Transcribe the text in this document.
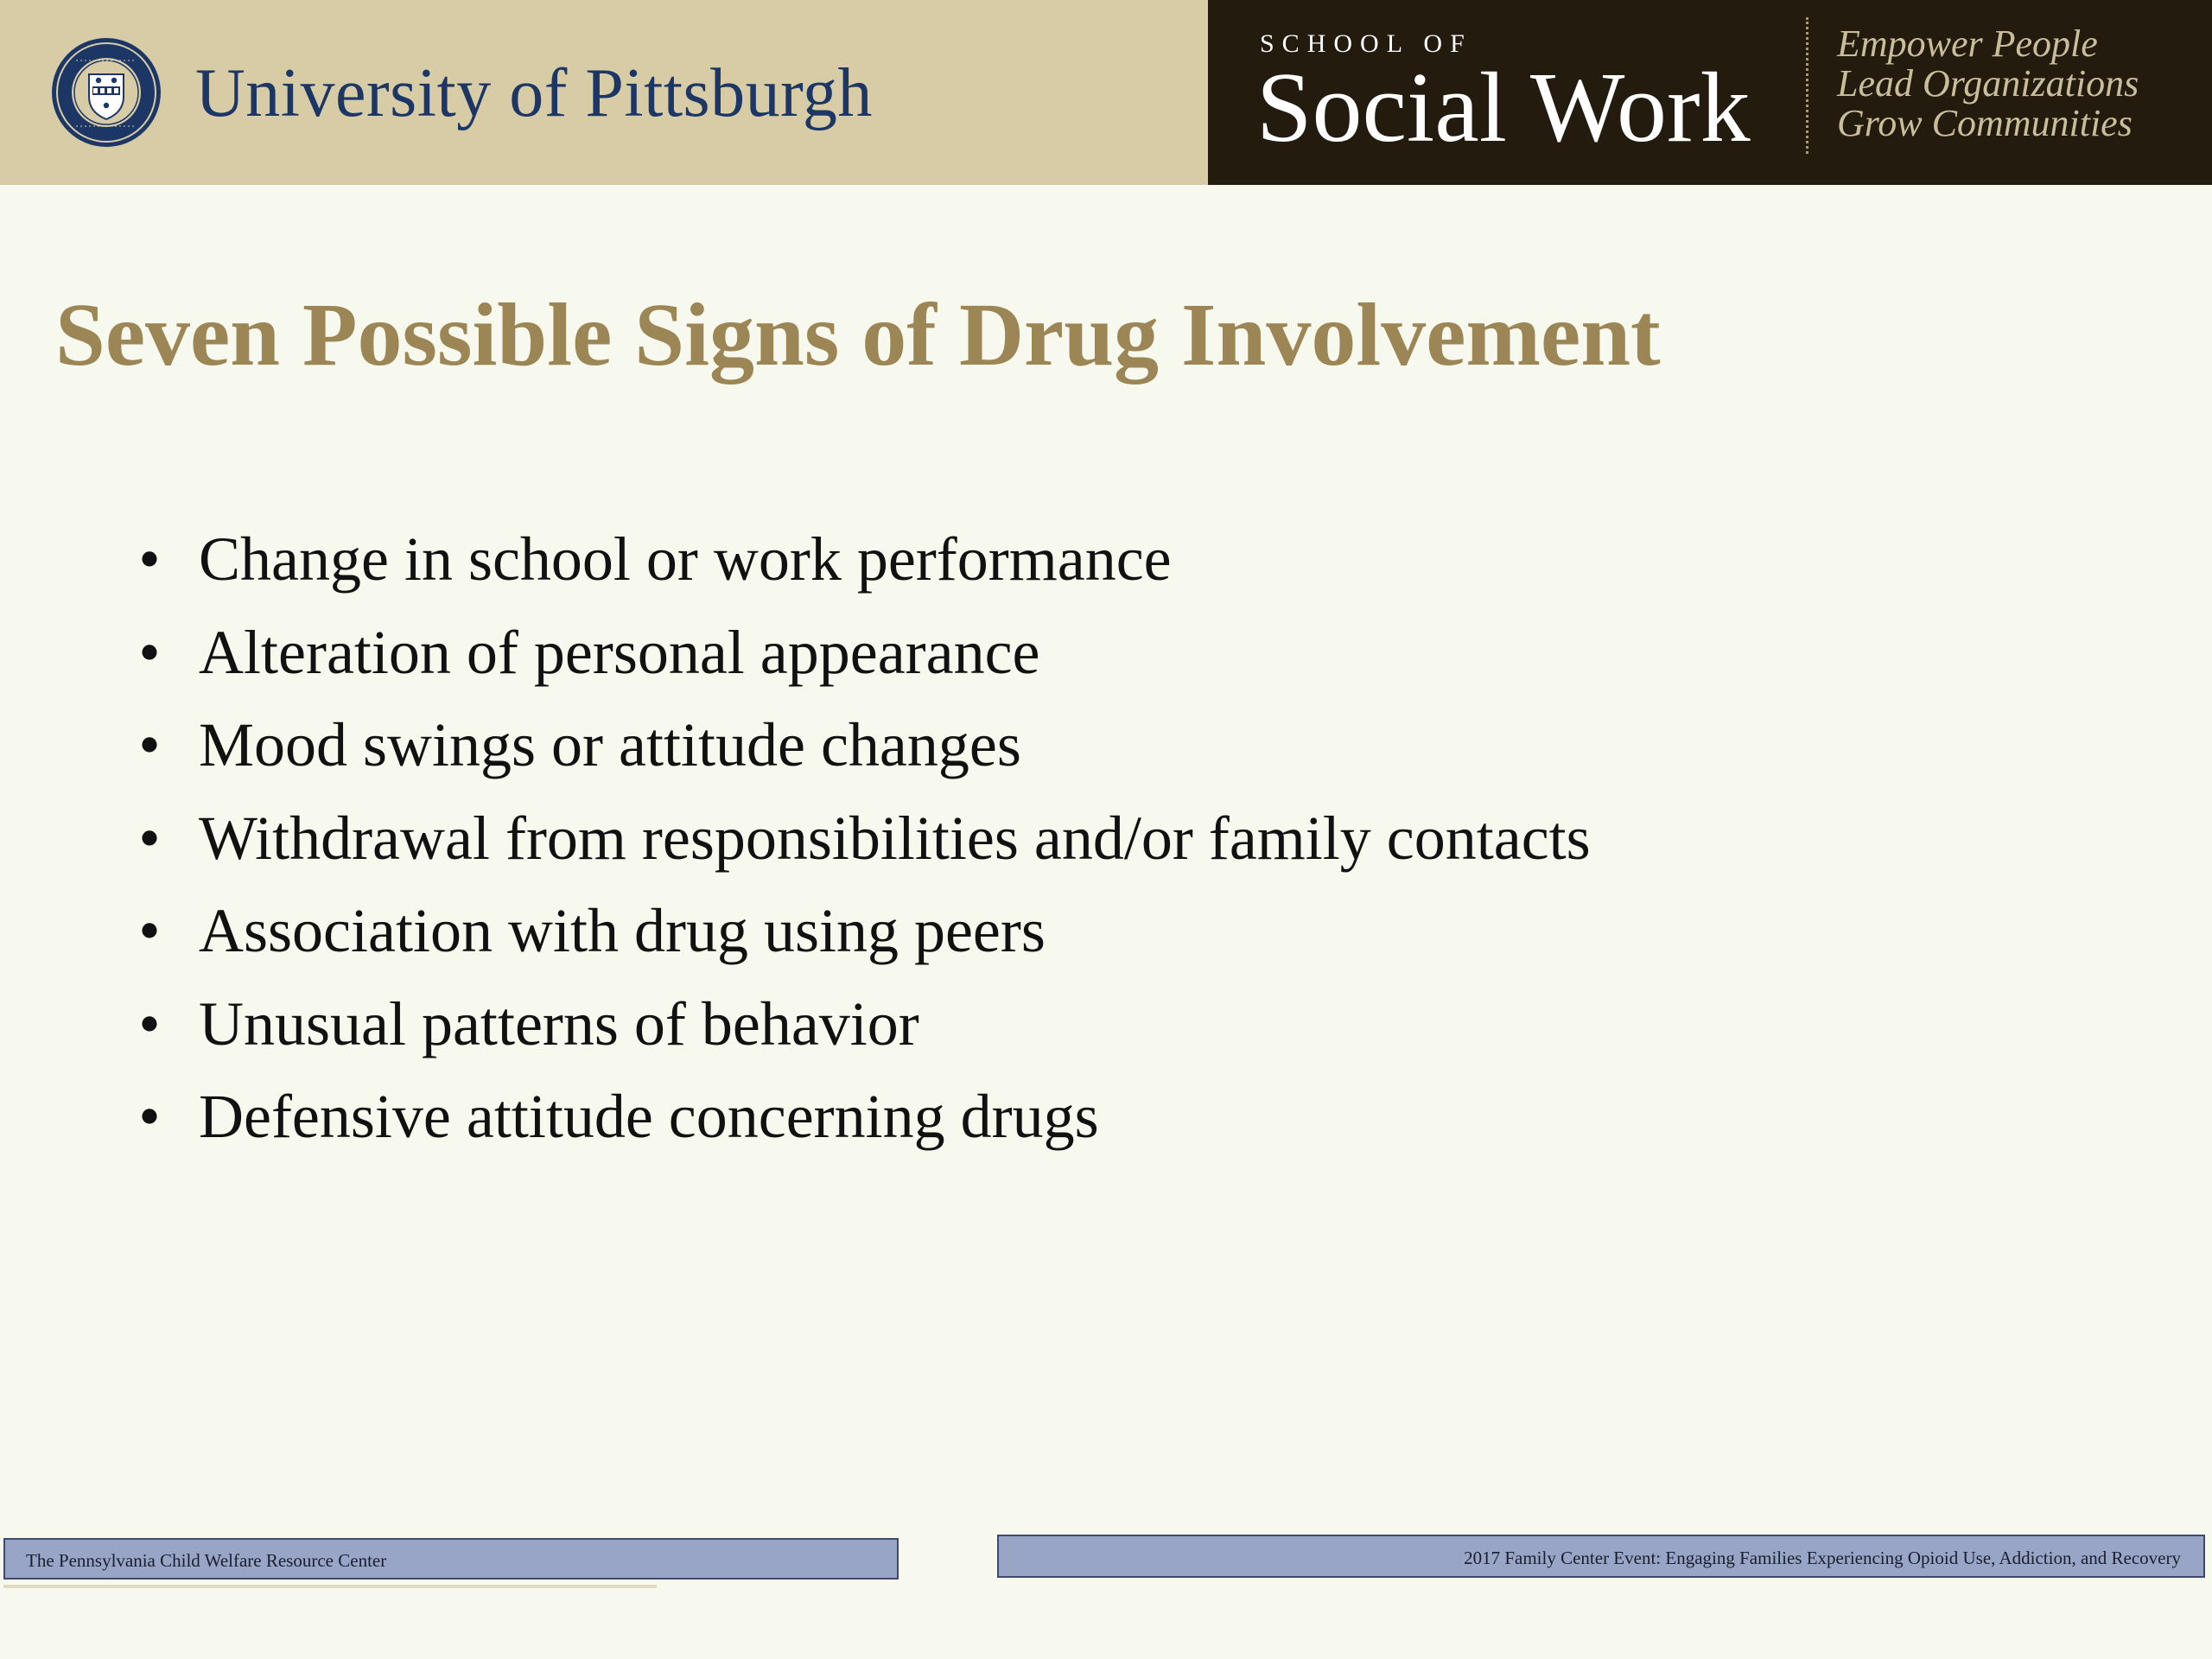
University of Pittsburgh
SCHOOL OF
Social Work
Empower People
Lead Organizations
Grow Communities
Seven Possible Signs of Drug Involvement
• Change in school or work performance
• Alteration of personal appearance
• Mood swings or attitude changes
• Withdrawal from responsibilities and/or family contacts
• Association with drug using peers
• Unusual patterns of behavior
• Defensive attitude concerning drugs
The Pennsylvania Child Welfare Resource Center	2017 Family Center Event: Engaging Families Experiencing Opioid Use, Addiction, and Recovery
